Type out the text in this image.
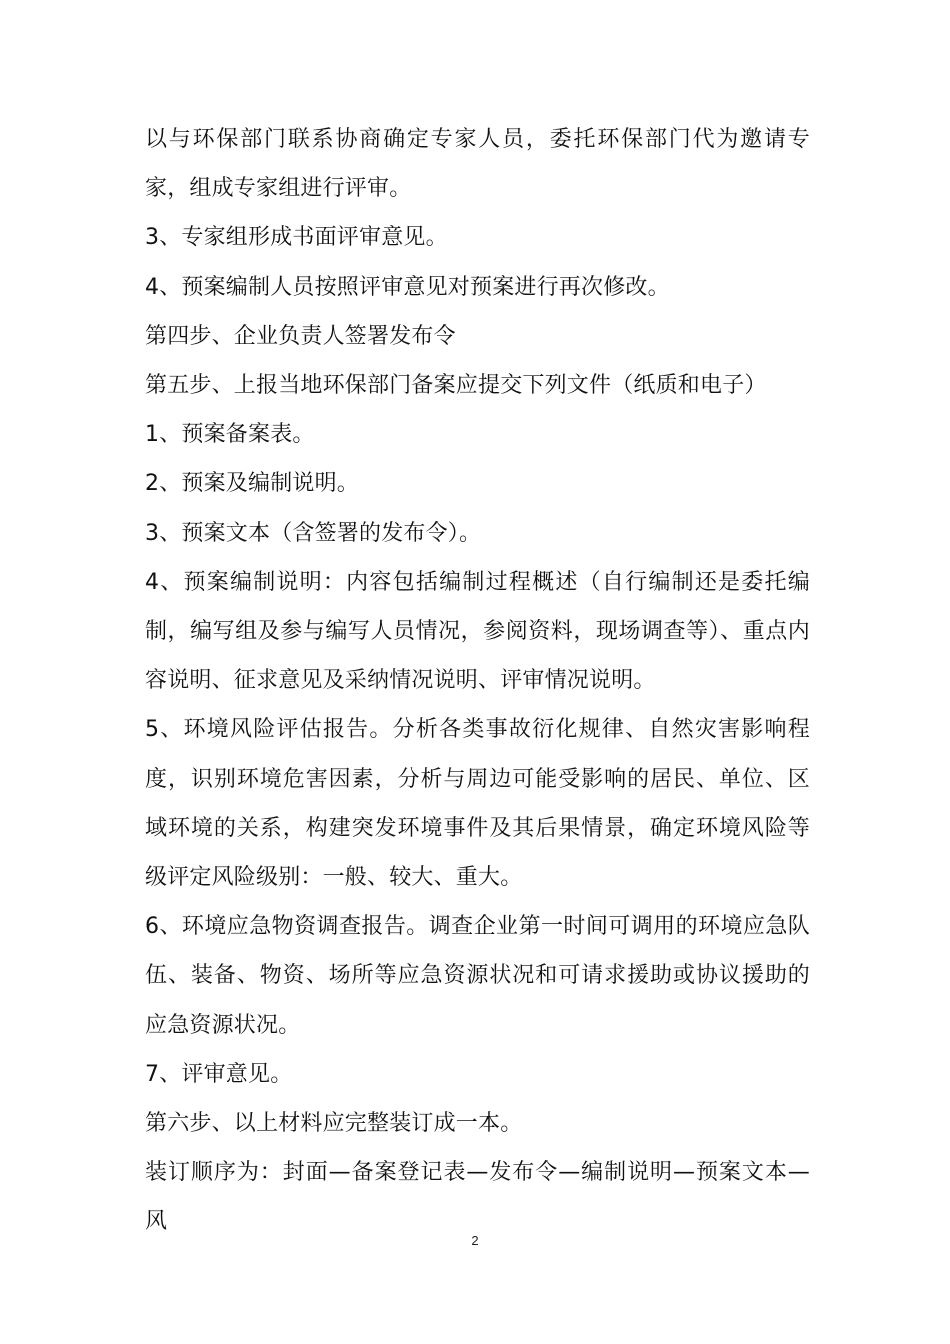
以与环保部门联系协商确定专家人员，委托环保部门代为邀请专家，组成专家组进行评审。

3、专家组形成书面评审意见。

4、预案编制人员按照评审意见对预案进行再次修改。

第四步、企业负责人签署发布令

第五步、上报当地环保部门备案应提交下列文件（纸质和电子）

1、预案备案表。

2、预案及编制说明。

3、预案文本（含签署的发布令）。

4、预案编制说明：内容包括编制过程概述（自行编制还是委托编制，编写组及参与编写人员情况，参阅资料，现场调查等）、重点内容说明、征求意见及采纳情况说明、评审情况说明。

5、环境风险评估报告。分析各类事故衍化规律、自然灾害影响程度，识别环境危害因素，分析与周边可能受影响的居民、单位、区域环境的关系，构建突发环境事件及其后果情景，确定环境风险等级评定风险级别：一般、较大、重大。

6、环境应急物资调查报告。调查企业第一时间可调用的环境应急队伍、装备、物资、场所等应急资源状况和可请求援助或协议援助的应急资源状况。

7、评审意见。

第六步、以上材料应完整装订成一本。

装订顺序为：封面—备案登记表—发布令—编制说明—预案文本—风

2
